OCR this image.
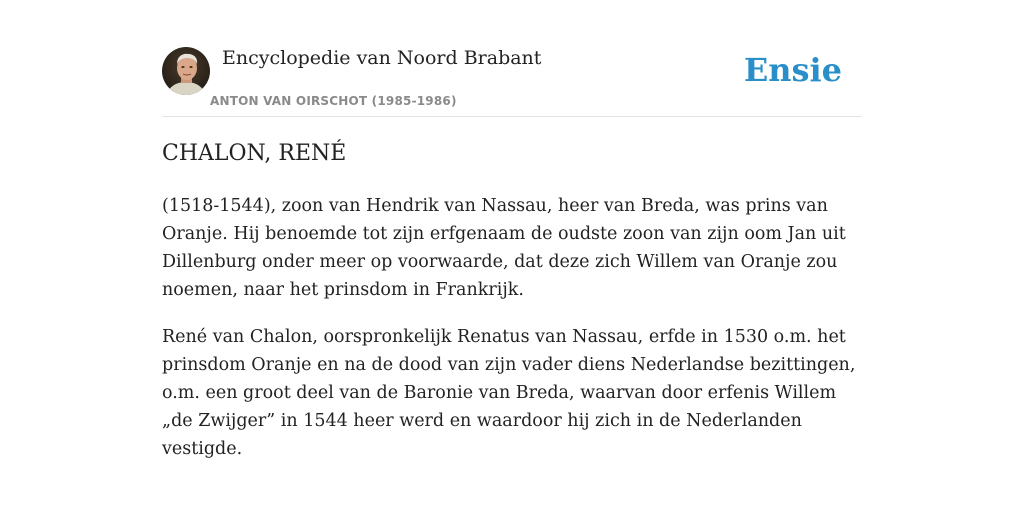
Encyclopedie van Noord Brabant
ANTON VAN OIRSCHOT (1985-1986)
Ensie
CHALON, RENÉ

(1518-1544), zoon van Hendrik van Nassau, heer van Breda, was prins van Oranje. Hij benoemde tot zijn erfgenaam de oudste zoon van zijn oom Jan uit Dillenburg onder meer op voorwaarde, dat deze zich Willem van Oranje zou noemen, naar het prinsdom in Frankrijk.

René van Chalon, oorspronkelijk Renatus van Nassau, erfde in 1530 o.m. het prinsdom Oranje en na de dood van zijn vader diens Nederlandse bezittingen, o.m. een groot deel van de Baronie van Breda, waarvan door erfenis Willem „de Zwijger” in 1544 heer werd en waardoor hij zich in de Nederlanden vestigde.
